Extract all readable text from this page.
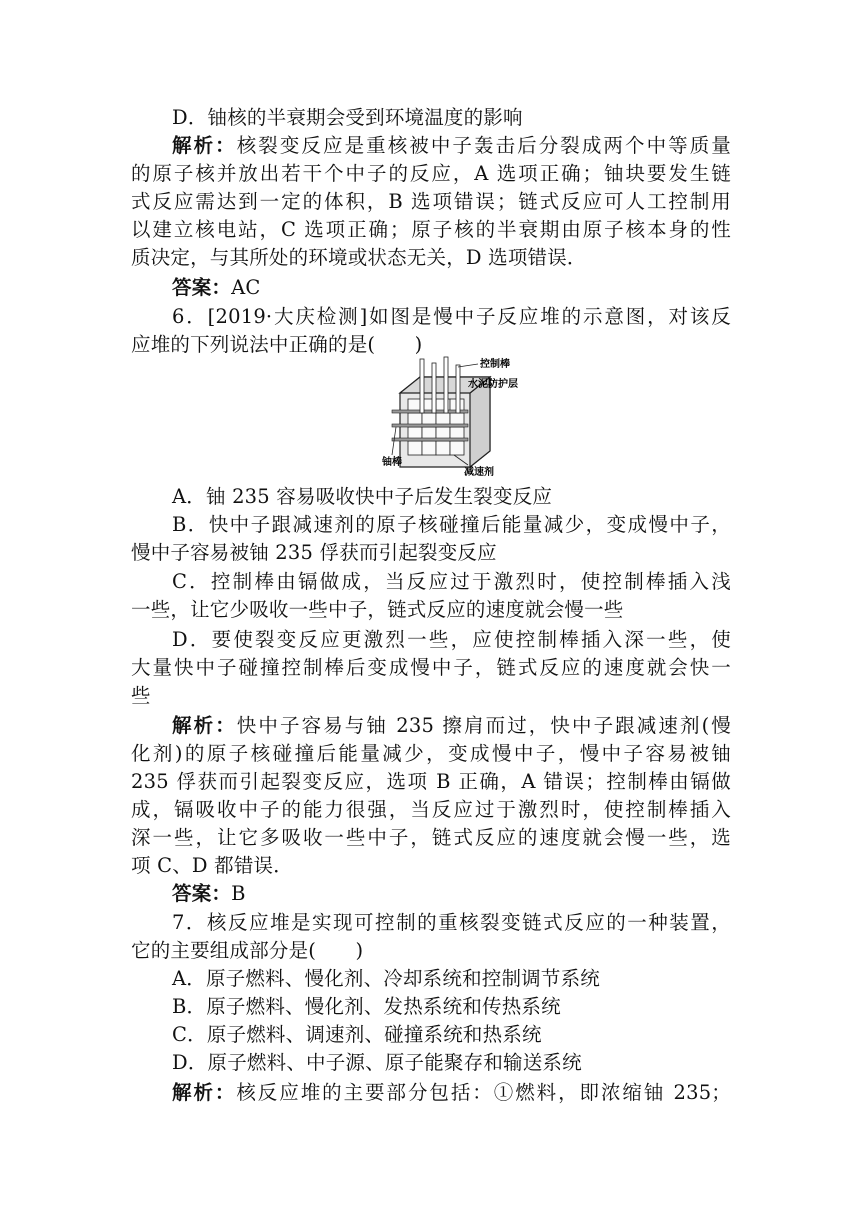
D．铀核的半衰期会受到环境温度的影响
解析：核裂变反应是重核被中子轰击后分裂成两个中等质量
的原子核并放出若干个中子的反应，A 选项正确；铀块要发生链
式反应需达到一定的体积，B 选项错误；链式反应可人工控制用
以建立核电站，C 选项正确；原子核的半衰期由原子核本身的性
质决定，与其所处的环境或状态无关，D 选项错误．
答案：AC
6．[2019·大庆检测]如图是慢中子反应堆的示意图，对该反
应堆的下列说法中正确的是(　　)
控制棒
水泥防护层
铀棒
减速剂
A．铀 235 容易吸收快中子后发生裂变反应
B．快中子跟减速剂的原子核碰撞后能量减少，变成慢中子，
慢中子容易被铀 235 俘获而引起裂变反应
C．控制棒由镉做成，当反应过于激烈时，使控制棒插入浅
一些，让它少吸收一些中子，链式反应的速度就会慢一些
D．要使裂变反应更激烈一些，应使控制棒插入深一些，使
大量快中子碰撞控制棒后变成慢中子，链式反应的速度就会快一
些
解析：快中子容易与铀 235 擦肩而过，快中子跟减速剂(慢
化剂)的原子核碰撞后能量减少，变成慢中子，慢中子容易被铀
235 俘获而引起裂变反应，选项 B 正确，A 错误；控制棒由镉做
成，镉吸收中子的能力很强，当反应过于激烈时，使控制棒插入
深一些，让它多吸收一些中子，链式反应的速度就会慢一些，选
项 C、D 都错误．
答案：B
7．核反应堆是实现可控制的重核裂变链式反应的一种装置，
它的主要组成部分是(　　)
A．原子燃料、慢化剂、冷却系统和控制调节系统
B．原子燃料、慢化剂、发热系统和传热系统
C．原子燃料、调速剂、碰撞系统和热系统
D．原子燃料、中子源、原子能聚存和输送系统
解析：核反应堆的主要部分包括：①燃料，即浓缩铀 235；
